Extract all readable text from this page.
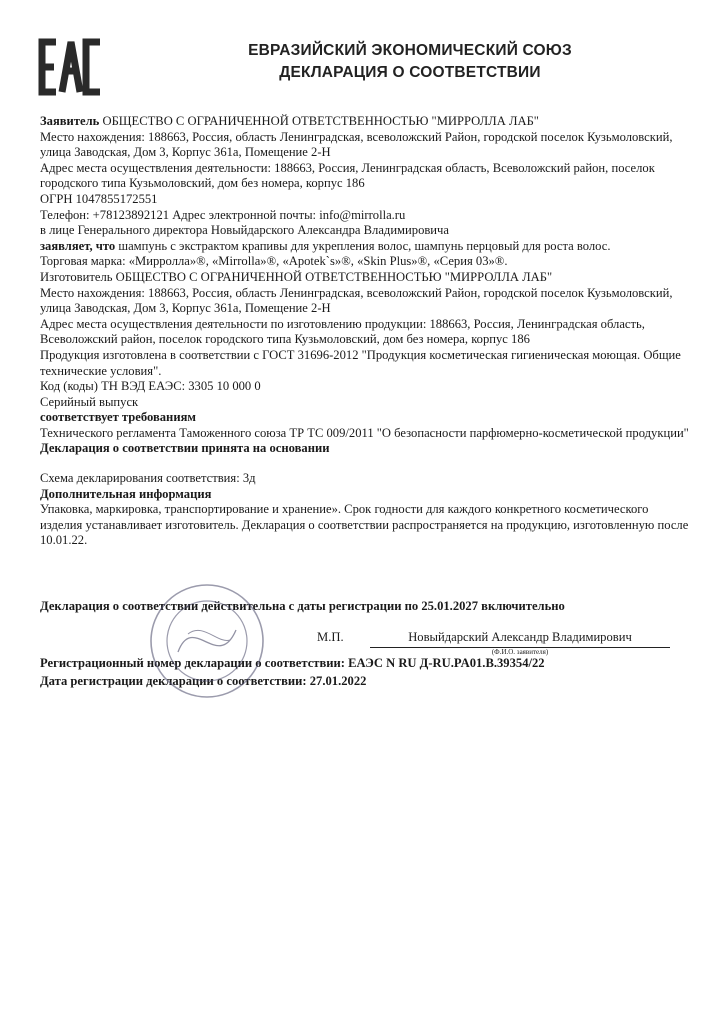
ЕВРАЗИЙСКИЙ ЭКОНОМИЧЕСКИЙ СОЮЗ
ДЕКЛАРАЦИЯ О СООТВЕТСТВИИ

Заявитель ОБЩЕСТВО С ОГРАНИЧЕННОЙ ОТВЕТСТВЕННОСТЬЮ "МИРРОЛЛА ЛАБ"

Место нахождения: 188663, Россия, область Ленинградская, всеволожский Район, городской поселок Кузьмоловский, улица Заводская, Дом 3, Корпус 361а, Помещение 2-Н

Адрес места осуществления деятельности: 188663, Россия, Ленинградская область, Всеволожский район, поселок городского типа Кузьмоловский, дом без номера, корпус 186

ОГРН 1047855172551

Телефон: +78123892121 Адрес электронной почты: info@mirrolla.ru

в лице Генерального директора Новыйдарского Александра Владимировича

заявляет, что шампунь с экстрактом крапивы для укрепления волос, шампунь перцовый для роста волос.

Торговая марка: «Мирролла»®, «Mirrolla»®, «Apotek`s»®, «Skin Plus»®, «Серия 03»®.

Изготовитель ОБЩЕСТВО С ОГРАНИЧЕННОЙ ОТВЕТСТВЕННОСТЬЮ "МИРРОЛЛА ЛАБ"

Место нахождения: 188663, Россия, область Ленинградская, всеволожский Район, городской поселок Кузьмоловский, улица Заводская, Дом 3, Корпус 361а, Помещение 2-Н

Адрес места осуществления деятельности по изготовлению продукции: 188663, Россия, Ленинградская область, Всеволожский район, поселок городского типа Кузьмоловский, дом без номера, корпус 186

Продукция изготовлена в соответствии с ГОСТ 31696-2012 "Продукция косметическая гигиеническая моющая. Общие технические условия".

Код (коды) ТН ВЭД ЕАЭС: 3305 10 000 0

Серийный выпуск

соответствует требованиям

Технического регламента Таможенного союза ТР ТС 009/2011 "О безопасности парфюмерно-косметической продукции"

Декларация о соответствии принята на основании

Схема декларирования соответствия: 3д

Дополнительная информация

Упаковка, маркировка, транспортирование и хранение». Срок годности для каждого конкретного косметического изделия устанавливает изготовитель. Декларация о соответствии распространяется на продукцию, изготовленную после 10.01.22.

Декларация о соответствии действительна с даты регистрации по 25.01.2027 включительно
М.П.	Новыйдарский Александр Владимирович
(Ф.И.О. заявителя)
Регистрационный номер декларации о соответствии: ЕАЭС N RU Д-RU.PA01.B.39354/22
Дата регистрации декларации о соответствии: 27.01.2022
